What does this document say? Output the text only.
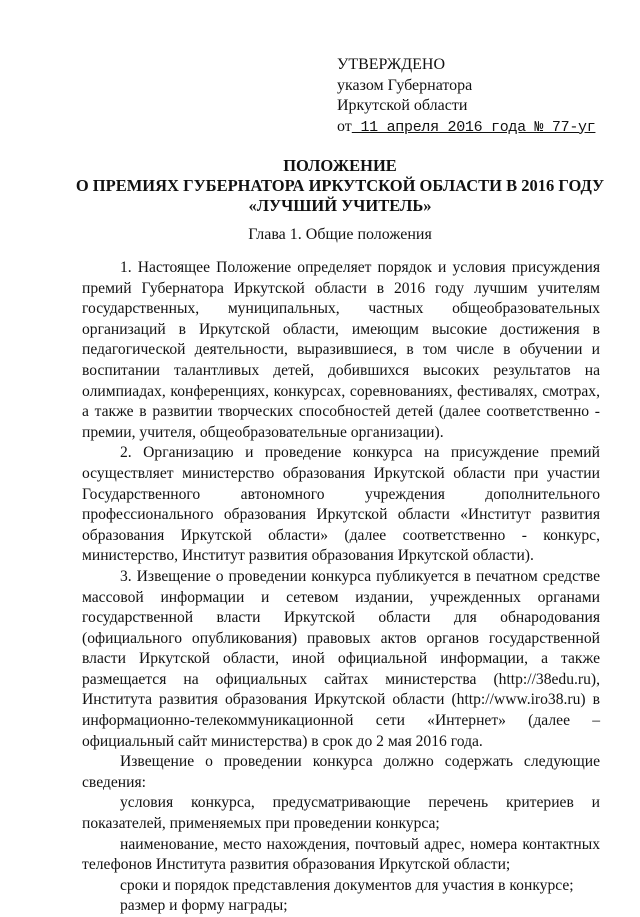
УТВЕРЖДЕНО
указом Губернатора
Иркутской области
от 11 апреля 2016 года № 77-уг
ПОЛОЖЕНИЕ
О ПРЕМИЯХ ГУБЕРНАТОРА ИРКУТСКОЙ ОБЛАСТИ В 2016 ГОДУ
«ЛУЧШИЙ УЧИТЕЛЬ»
Глава 1. Общие положения

1. Настоящее Положение определяет порядок и условия присуждения премий Губернатора Иркутской области в 2016 году лучшим учителям государственных, муниципальных, частных общеобразовательных организаций в Иркутской области, имеющим высокие достижения в педагогической деятельности, выразившиеся, в том числе в обучении и воспитании талантливых детей, добившихся высоких результатов на олимпиадах, конференциях, конкурсах, соревнованиях, фестивалях, смотрах, а также в развитии творческих способностей детей (далее соответственно - премии, учителя, общеобразовательные организации).

2. Организацию и проведение конкурса на присуждение премий осуществляет министерство образования Иркутской области при участии Государственного автономного учреждения дополнительного профессионального образования Иркутской области «Институт развития образования Иркутской области» (далее соответственно - конкурс, министерство, Институт развития образования Иркутской области).

3. Извещение о проведении конкурса публикуется в печатном средстве массовой информации и сетевом издании, учрежденных органами государственной власти Иркутской области для обнародования (официального опубликования) правовых актов органов государственной власти Иркутской области, иной официальной информации, а также размещается на официальных сайтах министерства (http://38edu.ru), Института развития образования Иркутской области (http://www.iro38.ru) в информационно-телекоммуникационной сети «Интернет» (далее – официальный сайт министерства) в срок до 2 мая 2016 года.

Извещение о проведении конкурса должно содержать следующие сведения:

условия конкурса, предусматривающие перечень критериев и показателей, применяемых при проведении конкурса;

наименование, место нахождения, почтовый адрес, номера контактных телефонов Института развития образования Иркутской области;

сроки и порядок представления документов для участия в конкурсе;

размер и форму награды;
